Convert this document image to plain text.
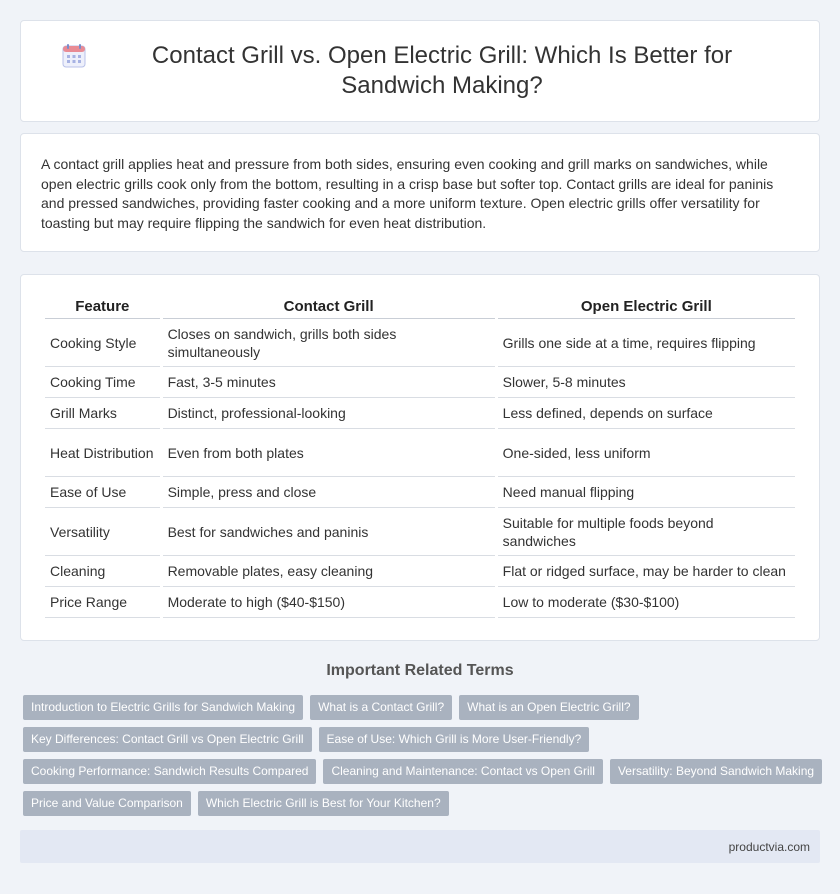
Contact Grill vs. Open Electric Grill: Which Is Better for Sandwich Making?

A contact grill applies heat and pressure from both sides, ensuring even cooking and grill marks on sandwiches, while open electric grills cook only from the bottom, resulting in a crisp base but softer top. Contact grills are ideal for paninis and pressed sandwiches, providing faster cooking and a more uniform texture. Open electric grills offer versatility for toasting but may require flipping the sandwich for even heat distribution.

Feature	Contact Grill	Open Electric Grill
Cooking Style	Closes on sandwich, grills both sides simultaneously	Grills one side at a time, requires flipping
Cooking Time	Fast, 3-5 minutes	Slower, 5-8 minutes
Grill Marks	Distinct, professional-looking	Less defined, depends on surface
Heat Distribution	Even from both plates	One-sided, less uniform
Ease of Use	Simple, press and close	Need manual flipping
Versatility	Best for sandwiches and paninis	Suitable for multiple foods beyond sandwiches
Cleaning	Removable plates, easy cleaning	Flat or ridged surface, may be harder to clean
Price Range	Moderate to high ($40-$150)	Low to moderate ($30-$100)
Important Related Terms
Introduction to Electric Grills for Sandwich Making	What is a Contact Grill?	What is an Open Electric Grill?
Key Differences: Contact Grill vs Open Electric Grill	Ease of Use: Which Grill is More User-Friendly?
Cooking Performance: Sandwich Results Compared	Cleaning and Maintenance: Contact vs Open Grill	Versatility: Beyond Sandwich Making
Price and Value Comparison	Which Electric Grill is Best for Your Kitchen?
productvia.com
